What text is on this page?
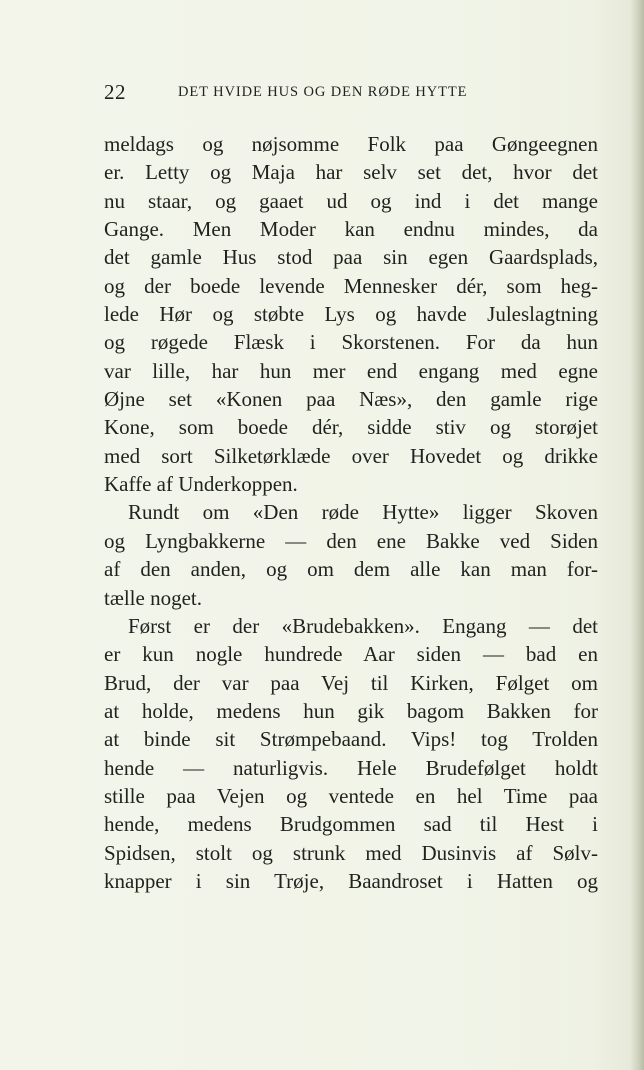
22	DET HVIDE HUS OG DEN RØDE HYTTE
meldags og nøjsomme Folk paa Gøngeegnen
er. Letty og Maja har selv set det, hvor det
nu staar, og gaaet ud og ind i det mange
Gange. Men Moder kan endnu mindes, da
det gamle Hus stod paa sin egen Gaardsplads,
og der boede levende Mennesker dér, som heg-
lede Hør og støbte Lys og havde Juleslagtning
og røgede Flæsk i Skorstenen. For da hun
var lille, har hun mer end engang med egne
Øjne set «Konen paa Næs», den gamle rige
Kone, som boede dér, sidde stiv og storøjet
med sort Silketørklæde over Hovedet og drikke
Kaffe af Underkoppen.
Rundt om «Den røde Hytte» ligger Skoven
og Lyngbakkerne — den ene Bakke ved Siden
af den anden, og om dem alle kan man for-
tælle noget.
Først er der «Brudebakken». Engang — det
er kun nogle hundrede Aar siden — bad en
Brud, der var paa Vej til Kirken, Følget om
at holde, medens hun gik bagom Bakken for
at binde sit Strømpebaand. Vips! tog Trolden
hende — naturligvis. Hele Brudefølget holdt
stille paa Vejen og ventede en hel Time paa
hende, medens Brudgommen sad til Hest i
Spidsen, stolt og strunk med Dusinvis af Sølv-
knapper i sin Trøje, Baandroset i Hatten og
